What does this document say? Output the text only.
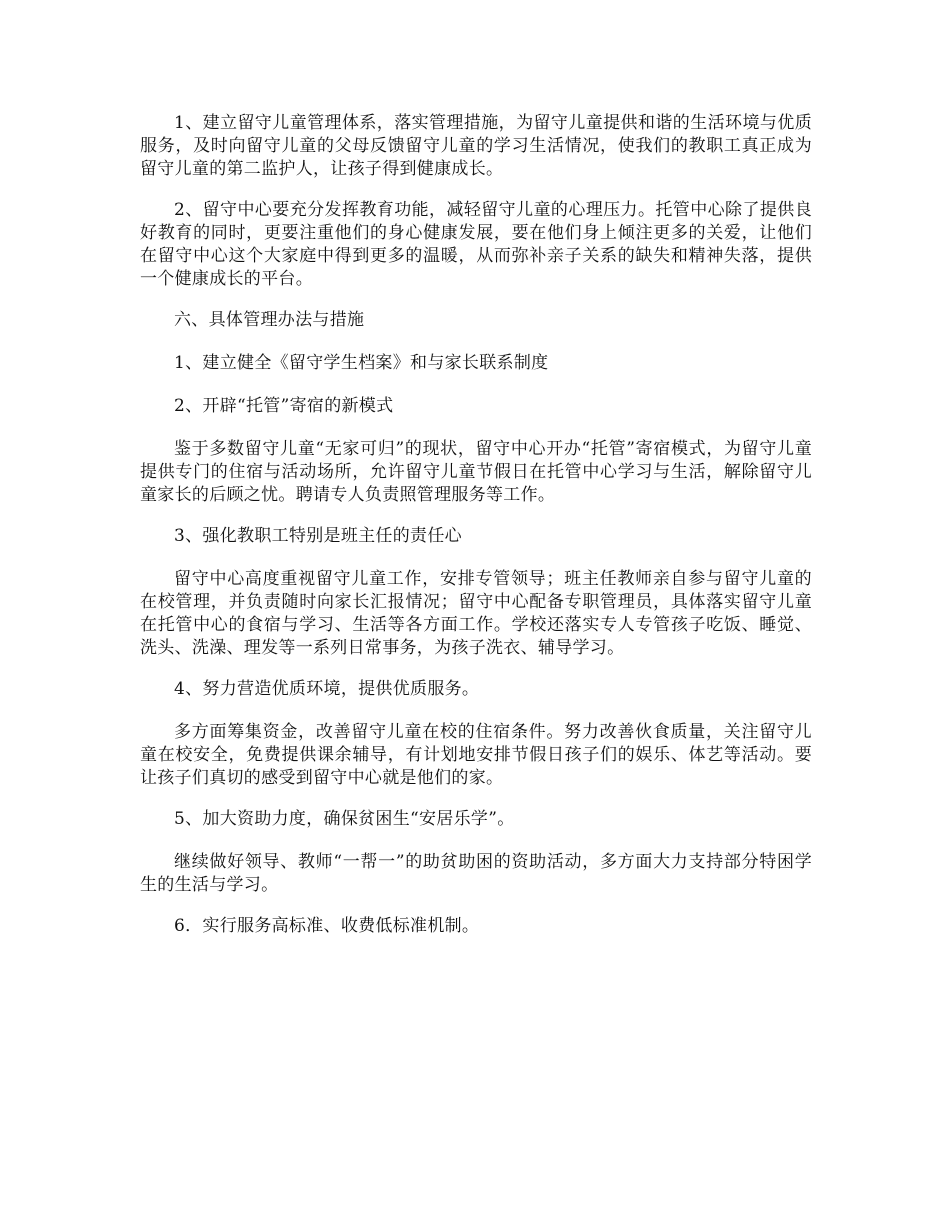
1、建立留守儿童管理体系，落实管理措施，为留守儿童提供和谐的生活环境与优质服务，及时向留守儿童的父母反馈留守儿童的学习生活情况，使我们的教职工真正成为留守儿童的第二监护人，让孩子得到健康成长。

2、留守中心要充分发挥教育功能，减轻留守儿童的心理压力。托管中心除了提供良好教育的同时，更要注重他们的身心健康发展，要在他们身上倾注更多的关爱，让他们在留守中心这个大家庭中得到更多的温暖，从而弥补亲子关系的缺失和精神失落，提供一个健康成长的平台。

六、具体管理办法与措施

1、建立健全《留守学生档案》和与家长联系制度

2、开辟“托管”寄宿的新模式

鉴于多数留守儿童“无家可归”的现状，留守中心开办“托管”寄宿模式，为留守儿童提供专门的住宿与活动场所，允许留守儿童节假日在托管中心学习与生活，解除留守儿童家长的后顾之忧。聘请专人负责照管理服务等工作。

3、强化教职工特别是班主任的责任心

留守中心高度重视留守儿童工作，安排专管领导；班主任教师亲自参与留守儿童的在校管理，并负责随时向家长汇报情况；留守中心配备专职管理员，具体落实留守儿童在托管中心的食宿与学习、生活等各方面工作。学校还落实专人专管孩子吃饭、睡觉、洗头、洗澡、理发等一系列日常事务，为孩子洗衣、辅导学习。

4、努力营造优质环境，提供优质服务。

多方面筹集资金，改善留守儿童在校的住宿条件。努力改善伙食质量，关注留守儿童在校安全，免费提供课余辅导，有计划地安排节假日孩子们的娱乐、体艺等活动。要让孩子们真切的感受到留守中心就是他们的家。

5、加大资助力度，确保贫困生“安居乐学”。

继续做好领导、教师“一帮一”的助贫助困的资助活动，多方面大力支持部分特困学生的生活与学习。

6．实行服务高标准、收费低标准机制。
